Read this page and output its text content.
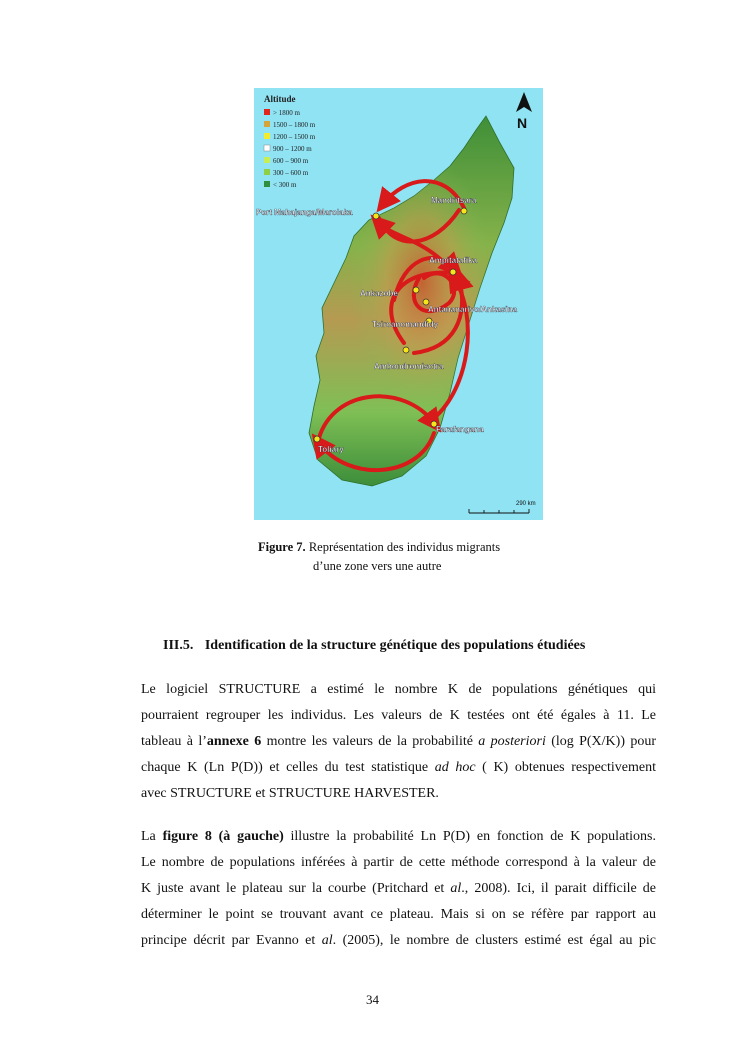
Altitude
> 1800 m
1500 – 1800 m
1200 – 1500 m
900 – 1200 m
600 – 900 m
300 – 600 m
< 300 m
N
Mandritsara
Port Mahajanga/Marolaka
Ampitatafika
Ankazobe
Antananarivo/Ankasina
Tsiroanomandidy
Ambondromisotra
Farafangana
Toliary
290 km
Figure 7. Représentation des individus migrants
d’une zone vers une autre
III.5. Identification de la structure génétique des populations étudiées
Le logiciel STRUCTURE a estimé le nombre K de populations génétiques qui
pourraient regrouper les individus. Les valeurs de K testées ont été égales à 11. Le
tableau à l’annexe 6 montre les valeurs de la probabilité a posteriori (log P(X/K)) pour
chaque K (Ln P(D)) et celles du test statistique ad hoc ( K) obtenues respectivement
avec STRUCTURE et STRUCTURE HARVESTER.
La figure 8 (à gauche) illustre la probabilité Ln P(D) en fonction de K populations.
Le nombre de populations inférées à partir de cette méthode correspond à la valeur de
K juste avant le plateau sur la courbe (Pritchard et al., 2008). Ici, il parait difficile de
déterminer le point se trouvant avant ce plateau. Mais si on se réfère par rapport au
principe décrit par Evanno et al. (2005), le nombre de clusters estimé est égal au pic
34
